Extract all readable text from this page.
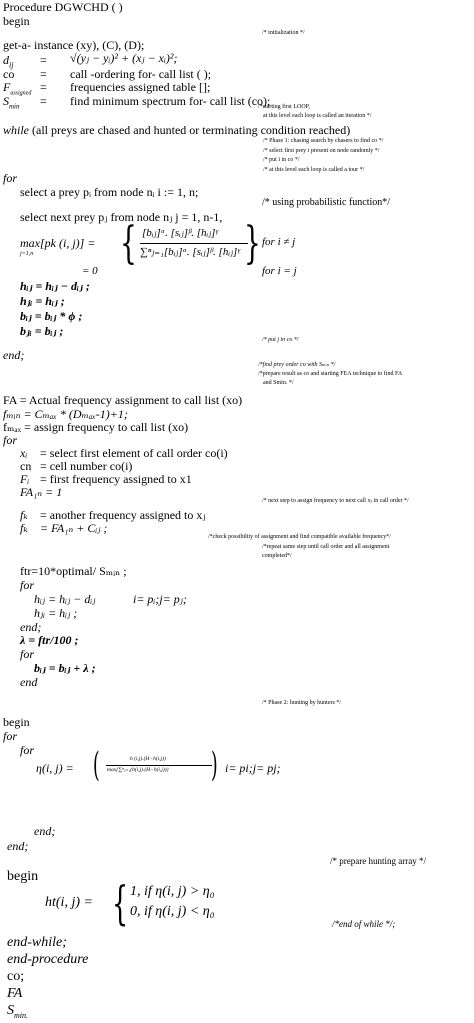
Procedure DGWCHD ( )
begin
/* initialization */
get-a- instance (xy), (C), (D);
$d_{ij}$ = √(yⱼ − yᵢ)² + (xⱼ − xᵢ)²;
co = call -ordering for- call list ( );
$F_{assigned}$ = frequencies assigned table [];
$S_{min}$ = find minimum spectrum for- call list (co);
/*starting first LOOP,
at this level each loop is called an iteration */
while (all preys are chased and hunted or terminating condition reached)
/* Phase 1: chasing search by chasers to find co */
/* select first prey i present on node randomly */
/* put i in co */
/* at this level each loop is called a tour */
for
select a prey pᵢ from node nᵢ i := 1, n;
/* using probabilistic function*/
select next prey pⱼ from node nⱼ j = 1, n-1,
max[pk (i, j)] =
j=1,n { [bᵢⱼ]ᵅ. [sᵢⱼ]ᵝ. [hᵢⱼ]ᵞ
∑ⁿⱼ₌₁[bᵢⱼ]ᵅ. [sᵢⱼ]ᵝ. [hᵢⱼ]ᵞ } for i ≠ j
= 0	for i = j
hᵢⱼ = hᵢⱼ − dᵢⱼ ;
hⱼᵢ = hᵢⱼ ;
bᵢⱼ = bᵢⱼ * ϕ ;
bⱼᵢ = bᵢⱼ ;
/* put j in co */
end;
/*find prey order co with Sₘᵢₙ */
/*prepare result as co and starting FEA technique to find FA
and Smin. */
FA = Actual frequency assignment to call list (xo)
fₘᵢₙ = Cₘₐₓ * (Dₘₐₓ-1)+1;
fₘₐₓ = assign frequency to call list (xo)
for
xᵢ = select first element of call order co(i)
cn = cell number co(i)
Fᵢ = first frequency assigned to x1
FA₁ₙ = 1
/* next step to assign frequency to next call xⱼ in call order */
fₖ = another frequency assigned to xⱼ
fₖ = FA₁ₙ + Cᵢⱼ ;
/*check possibility of assignment and find compatible available frequency*/
/*repeat same step until call order and all assignment
completed*/
ftr=10*optimal/ Sₘᵢₙ ;
for
hᵢⱼ = hᵢⱼ − dᵢⱼ	i= pᵢ;j= pⱼ;
hⱼᵢ = hᵢⱼ ;
end;
λ = ftr/100 ;
for
bᵢⱼ = bᵢⱼ + λ ;
end
/* Phase 2: hunting by hunters */
begin
for
for
η(i, j) = (	b (i,j).(H−h(i,j))
max{∑ⁿⱼ₌₁(b(i,j).(H−h(i,j))} ) i= pi;j= pj;
end;
end;
/* prepare hunting array */
begin
ht(i, j) = { 1, if η(i, j) > η₀
0, if η(i, j) < η₀
/*end of while */;
end-while;
end-procedure
co;
FA
$S_{min.}$
